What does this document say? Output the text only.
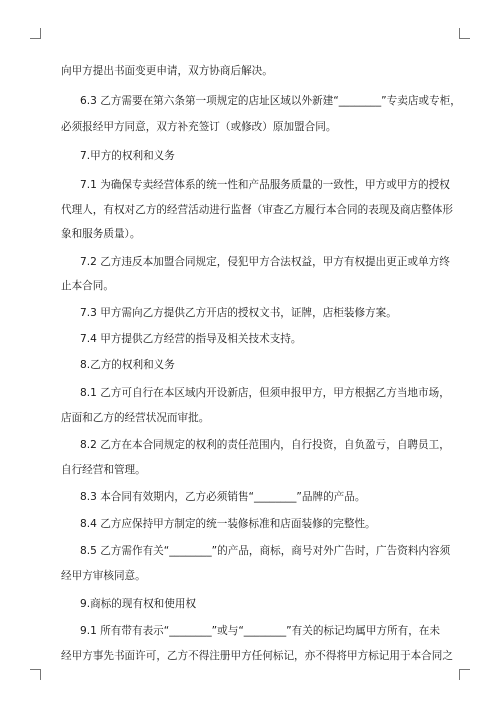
向甲方提出书面变更申请，双方协商后解决。
6.3 乙方需要在第六条第一项规定的店址区域以外新建“________”专卖店或专柜，
必须报经甲方同意，双方补充签订（或修改）原加盟合同。
7.甲方的权利和义务
7.1 为确保专卖经营体系的统一性和产品服务质量的一致性，甲方或甲方的授权
代理人，有权对乙方的经营活动进行监督（审查乙方履行本合同的表现及商店整体形
象和服务质量）。
7.2 乙方违反本加盟合同规定，侵犯甲方合法权益，甲方有权提出更正或单方终
止本合同。
7.3 甲方需向乙方提供乙方开店的授权文书，证牌，店柜装修方案。
7.4 甲方提供乙方经营的指导及相关技术支持。
8.乙方的权利和义务
8.1 乙方可自行在本区域内开设新店，但须申报甲方，甲方根据乙方当地市场，
店面和乙方的经营状况而审批。
8.2 乙方在本合同规定的权利的责任范围内，自行投资，自负盈亏，自聘员工，
自行经营和管理。
8.3 本合同有效期内，乙方必须销售“________”品牌的产品。
8.4 乙方应保持甲方制定的统一装修标准和店面装修的完整性。
8.5 乙方需作有关“________”的产品，商标，商号对外广告时，广告资料内容须
经甲方审核同意。
9.商标的现有权和使用权
9.1 所有带有表示“________”或与“________”有关的标记均属甲方所有，在未
经甲方事先书面许可，乙方不得注册甲方任何标记，亦不得将甲方标记用于本合同之
